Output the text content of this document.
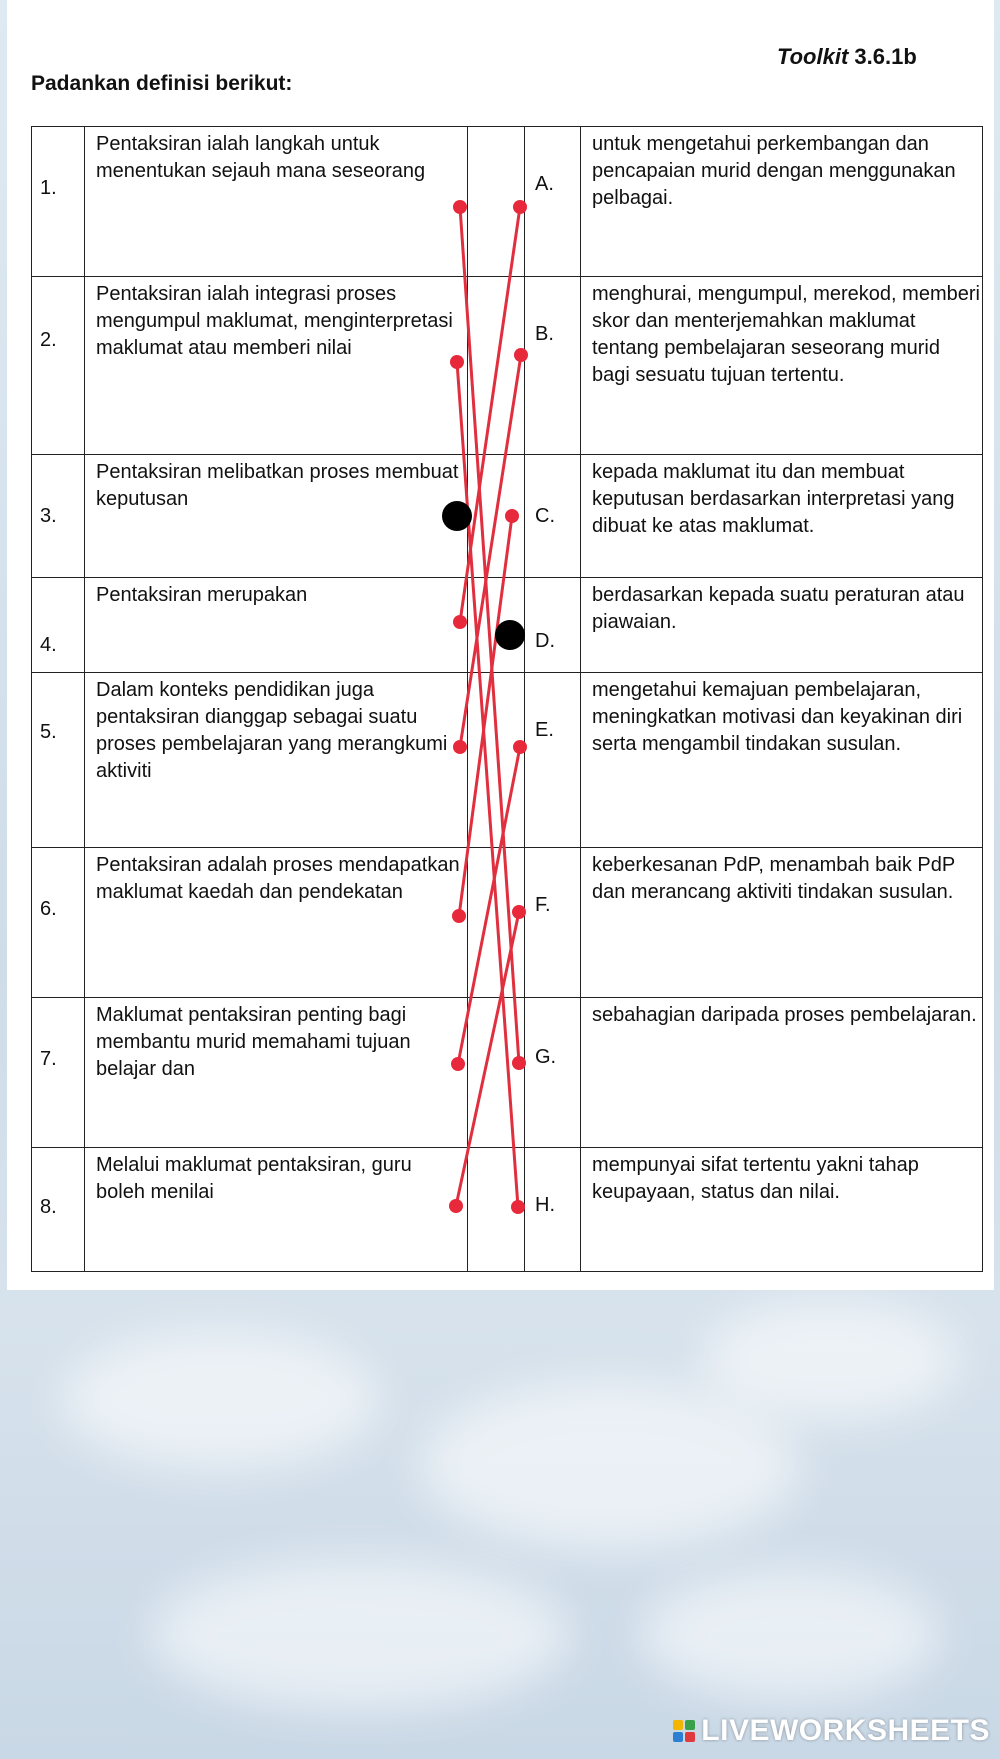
Toolkit 3.6.1b
Padankan definisi berikut:
1.
Pentaksiran ialah langkah untuk menentukan sejauh mana seseorang
A.
untuk mengetahui perkembangan dan pencapaian murid dengan menggunakan pelbagai.
2.
Pentaksiran ialah integrasi proses mengumpul maklumat, menginterpretasi maklumat atau memberi nilai
B.
menghurai, mengumpul, merekod, memberi skor dan menterjemahkan maklumat tentang pembelajaran seseorang murid bagi sesuatu tujuan tertentu.
3.
Pentaksiran melibatkan proses membuat keputusan
C.
kepada maklumat itu dan membuat keputusan berdasarkan interpretasi yang dibuat ke atas maklumat.
4.
Pentaksiran merupakan
D.
berdasarkan kepada suatu peraturan atau piawaian.
5.
Dalam konteks pendidikan juga pentaksiran dianggap sebagai suatu proses pembelajaran yang merangkumi aktiviti
E.
mengetahui kemajuan pembelajaran, meningkatkan motivasi dan keyakinan diri serta mengambil tindakan susulan.
6.
Pentaksiran adalah proses mendapatkan maklumat kaedah dan pendekatan
F.
keberkesanan PdP, menambah baik PdP dan merancang aktiviti tindakan susulan.
7.
Maklumat pentaksiran penting bagi membantu murid memahami tujuan belajar dan
G.
sebahagian daripada proses pembelajaran.
8.
Melalui maklumat pentaksiran, guru boleh menilai
H.
mempunyai sifat tertentu yakni tahap keupayaan, status dan nilai.
LIVEWORKSHEETS
